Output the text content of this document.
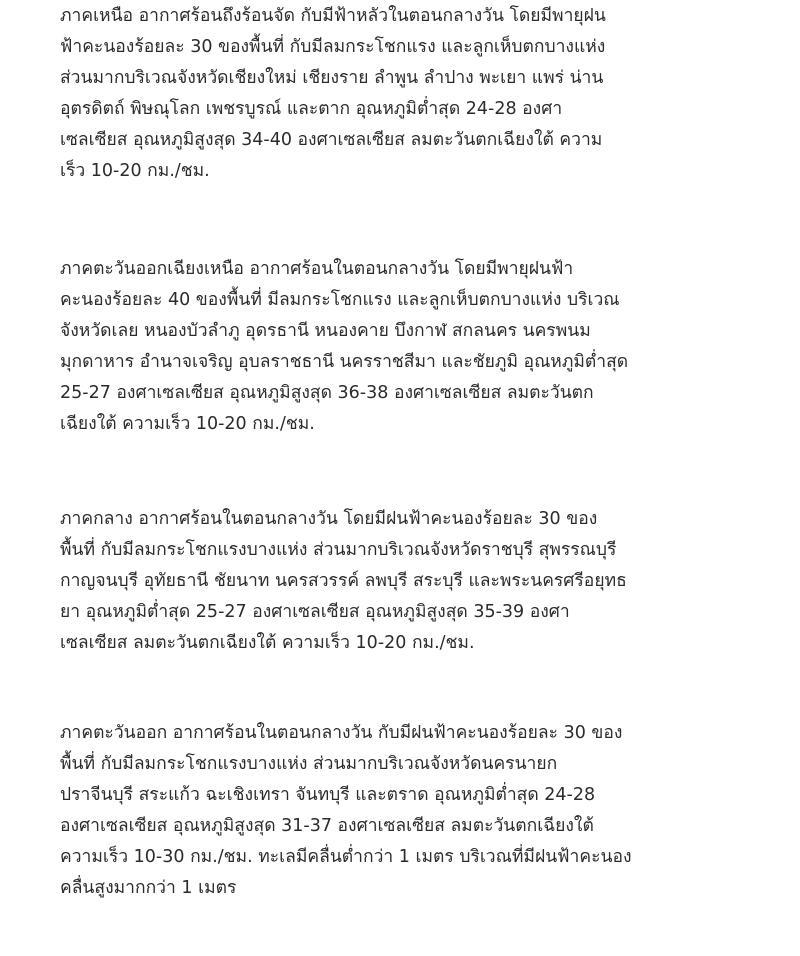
ภาคเหนือ อากาศร้อนถึงร้อนจัด กับมีฟ้าหลัวในตอนกลางวัน โดยมีพายุฝน
ฟ้าคะนองร้อยละ 30 ของพื้นที่ กับมีลมกระโชกแรง และลูกเห็บตกบางแห่ง
ส่วนมากบริเวณจังหวัดเชียงใหม่ เชียงราย ลำพูน ลำปาง พะเยา แพร่ น่าน
อุตรดิตถ์ พิษณุโลก เพชรบูรณ์ และตาก อุณหภูมิต่ำสุด 24-28 องศา
เซลเซียส อุณหภูมิสูงสุด 34-40 องศาเซลเซียส ลมตะวันตกเฉียงใต้ ความ
เร็ว 10-20 กม./ชม.

ภาคตะวันออกเฉียงเหนือ อากาศร้อนในตอนกลางวัน โดยมีพายุฝนฟ้า
คะนองร้อยละ 40 ของพื้นที่ มีลมกระโชกแรง และลูกเห็บตกบางแห่ง บริเวณ
จังหวัดเลย หนองบัวลำภู อุดรธานี หนองคาย บึงกาฬ สกลนคร นครพนม
มุกดาหาร อำนาจเจริญ อุบลราชธานี นครราชสีมา และชัยภูมิ อุณหภูมิต่ำสุด
25-27 องศาเซลเซียส อุณหภูมิสูงสุด 36-38 องศาเซลเซียส ลมตะวันตก
เฉียงใต้ ความเร็ว 10-20 กม./ชม.

ภาคกลาง อากาศร้อนในตอนกลางวัน โดยมีฝนฟ้าคะนองร้อยละ 30 ของ
พื้นที่ กับมีลมกระโชกแรงบางแห่ง ส่วนมากบริเวณจังหวัดราชบุรี สุพรรณบุรี
กาญจนบุรี อุทัยธานี ชัยนาท นครสวรรค์ ลพบุรี สระบุรี และพระนครศรีอยุทธ
ยา อุณหภูมิต่ำสุด 25-27 องศาเซลเซียส อุณหภูมิสูงสุด 35-39 องศา
เซลเซียส ลมตะวันตกเฉียงใต้ ความเร็ว 10-20 กม./ชม.

ภาคตะวันออก อากาศร้อนในตอนกลางวัน กับมีฝนฟ้าคะนองร้อยละ 30 ของ
พื้นที่ กับมีลมกระโชกแรงบางแห่ง ส่วนมากบริเวณจังหวัดนครนายก
ปราจีนบุรี สระแก้ว ฉะเชิงเทรา จันทบุรี และตราด อุณหภูมิต่ำสุด 24-28
องศาเซลเซียส อุณหภูมิสูงสุด 31-37 องศาเซลเซียส ลมตะวันตกเฉียงใต้
ความเร็ว 10-30 กม./ชม. ทะเลมีคลื่นต่ำกว่า 1 เมตร บริเวณที่มีฝนฟ้าคะนอง
คลื่นสูงมากกว่า 1 เมตร
